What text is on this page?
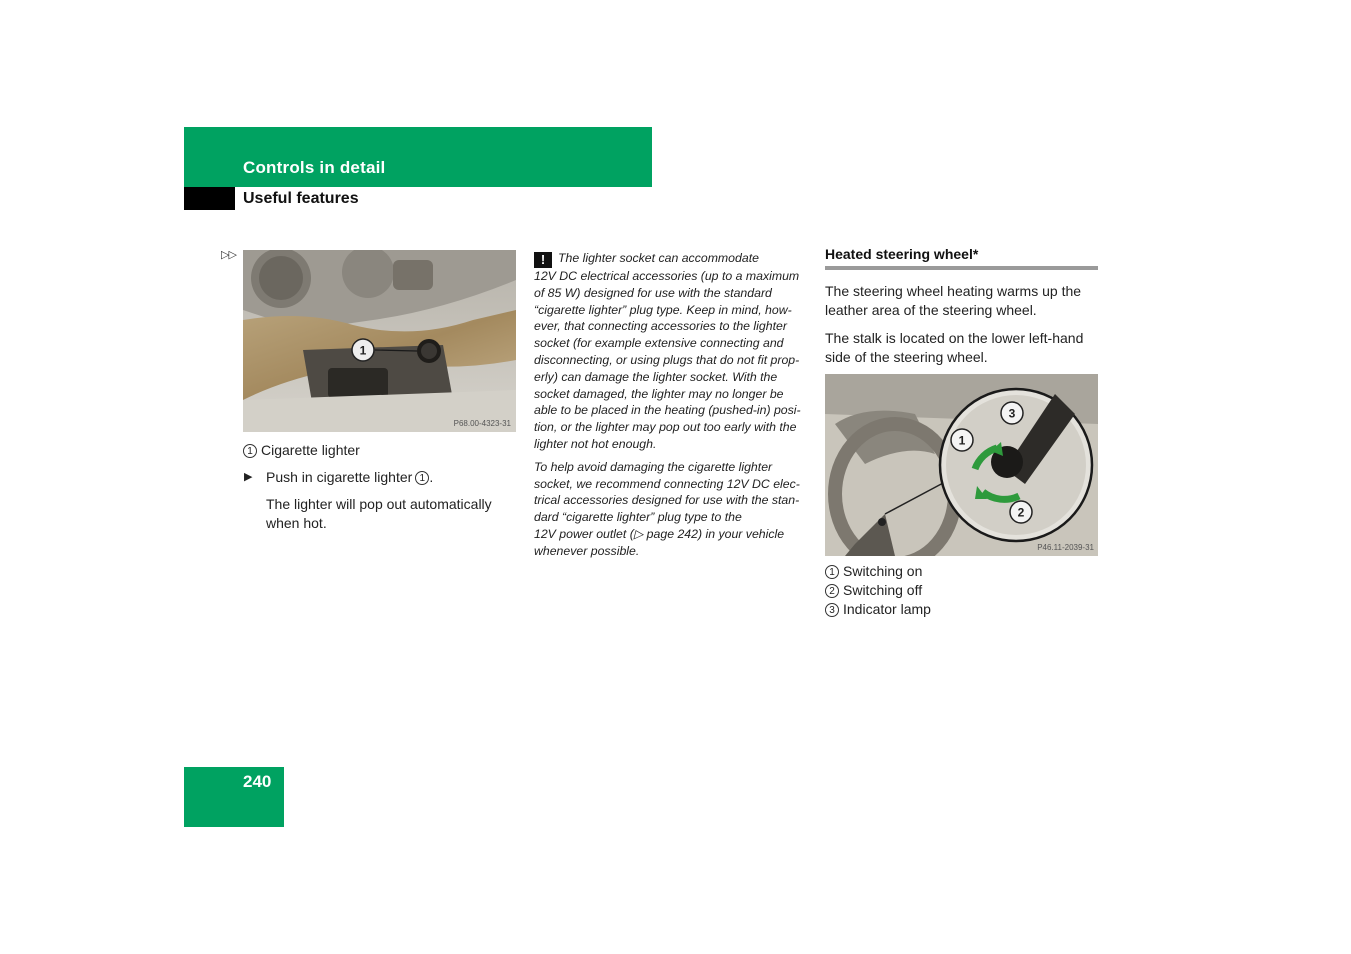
Controls in detail
Useful features
▷▷
1
P68.00-4323-31
1 Cigarette lighter
▶ Push in cigarette lighter 1 .
The lighter will pop out automatically
when hot.
! The lighter socket can accommodate
12V DC electrical accessories (up to a maximum
of 85 W) designed for use with the standard
“cigarette lighter” plug type. Keep in mind, how-
ever, that connecting accessories to the lighter
socket (for example extensive connecting and
disconnecting, or using plugs that do not fit prop-
erly) can damage the lighter socket. With the
socket damaged, the lighter may no longer be
able to be placed in the heating (pushed-in) posi-
tion, or the lighter may pop out too early with the
lighter not hot enough.
To help avoid damaging the cigarette lighter
socket, we recommend connecting 12V DC elec-
trical accessories designed for use with the stan-
dard “cigarette lighter” plug type to the
12V power outlet (▷ page 242) in your vehicle
whenever possible.
Heated steering wheel*
The steering wheel heating warms up the
leather area of the steering wheel.
The stalk is located on the lower left-hand
side of the steering wheel.
1
2
3
P46.11-2039-31
1 Switching on
2 Switching off
3 Indicator lamp
240
